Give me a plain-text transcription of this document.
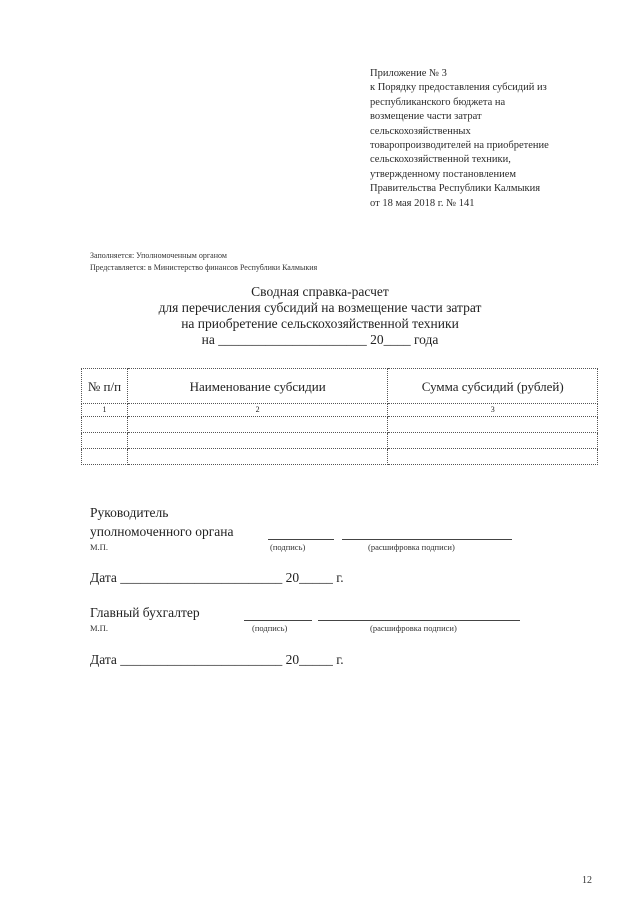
Приложение № 3
к Порядку предоставления субсидий из
республиканского бюджета на
возмещение части затрат
сельскохозяйственных
товаропроизводителей на приобретение
сельскохозяйственной техники,
утвержденному постановлением
Правительства Республики Калмыкия
от 18 мая 2018 г. № 141
Заполняется: Уполномоченным органом
Представляется: в Министерство финансов Республики Калмыкия
Сводная справка-расчет
для перечисления субсидий на возмещение части затрат
на приобретение сельскохозяйственной техники
на ______________________ 20____ года
№ п/п	Наименование субсидии	Сумма субсидий (рублей)
1	2	3

Руководитель
уполномоченного органа
М.П.	(подпись)	(расшифровка подписи)
Дата ________________________ 20_____ г.
Главный бухгалтер
М.П.	(подпись)	(расшифровка подписи)
Дата ________________________ 20_____ г.
12
